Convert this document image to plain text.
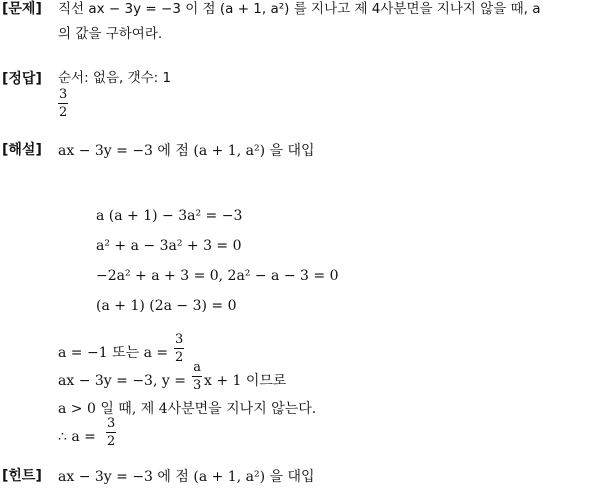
[문제] 직선 ax − 3y = −3 이 점 (a + 1, a²) 를 지나고 제 4사분면을 지나지 않을 때, a
의 값을 구하여라.
[정답] 순서: 없음, 갯수: 1
3
2
[해설] ax − 3y = −3 에 점 (a + 1, a²) 을 대입
a (a + 1) − 3a² = −3
a² + a − 3a² + 3 = 0
−2a² + a + 3 = 0, 2a² − a − 3 = 0
(a + 1) (2a − 3) = 0
a = −1 또는 a =
3
2
ax − 3y = −3, y =
a
3 x + 1 이므로
a > 0 일 때, 제 4사분면을 지나지 않는다.
∴ a =
3
2
[힌트] ax − 3y = −3 에 점 (a + 1, a²) 을 대입
